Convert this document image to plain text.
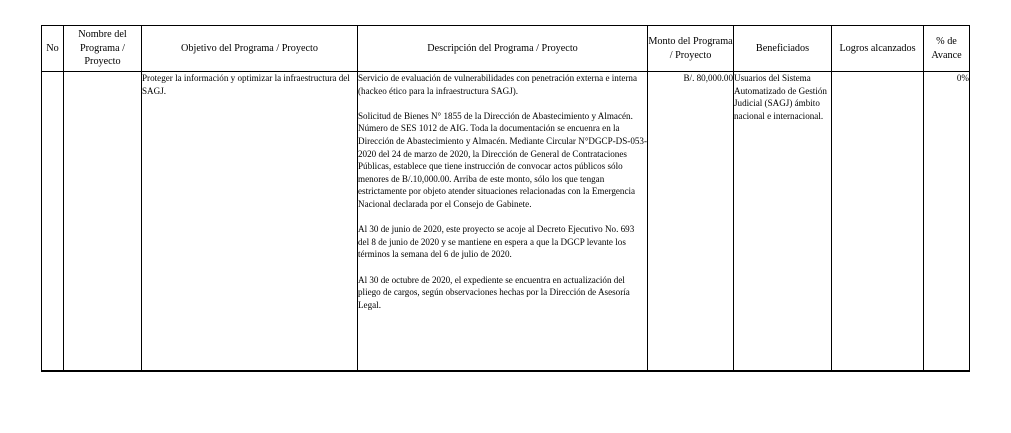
No	Nombre del Programa / Proyecto	Objetivo del Programa / Proyecto	Descripción del Programa / Proyecto	Monto del Programa / Proyecto	Beneficiados	Logros alcanzados	% de Avance
		Proteger la información y optimizar la infraestructura del SAGJ.	Servicio de evaluación de vulnerabilidades con penetración externa e interna (hackeo ético para la infraestructura SAGJ).
Solicitud de Bienes N° 1855 de la Dirección de Abastecimiento y Almacén. Número de SES 1012 de AIG. Toda la documentación se encuenra en la Dirección de Abastecimiento y Almacén. Mediante Circular N°DGCP-DS-053-2020 del 24 de marzo de 2020, la Dirección de General de Contrataciones Públicas, establece que tiene instrucción de convocar actos públicos sólo menores de B/.10,000.00. Arriba de este monto, sólo los que tengan estrictamente por objeto atender situaciones relacionadas con la Emergencia Nacional declarada por el Consejo de Gabinete.
Al 30 de junio de 2020, este proyecto se acoje al Decreto Ejecutivo No. 693 del 8 de junio de 2020 y se mantiene en espera a que la DGCP levante los términos la semana del 6 de julio de 2020.
Al 30 de octubre de 2020, el expediente se encuentra en actualización del pliego de cargos, según observaciones hechas por la Dirección de Asesoría Legal.	B/. 80,000.00	Usuarios del Sistema Automatizado de Gestión Judicial (SAGJ) ámbito nacional e internacional.		0%
